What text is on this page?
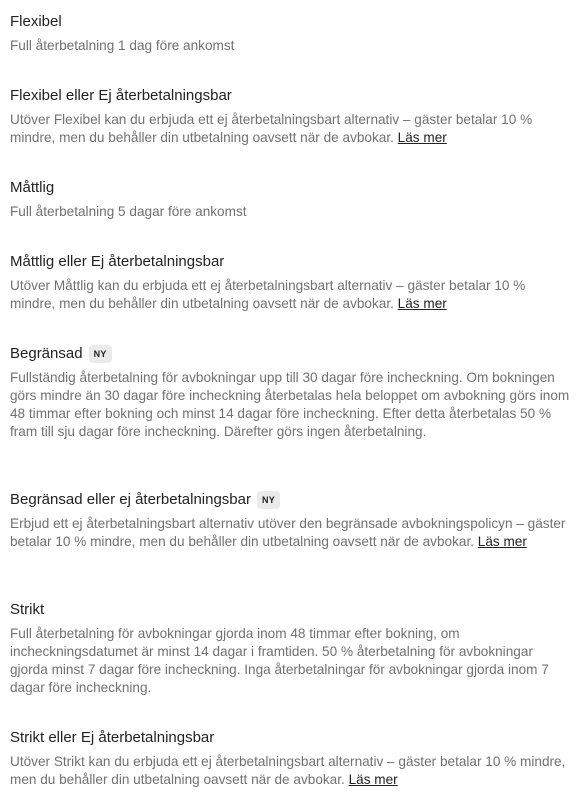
Flexibel

Full återbetalning 1 dag före ankomst

Flexibel eller Ej återbetalningsbar

Utöver Flexibel kan du erbjuda ett ej återbetalningsbart alternativ – gäster betalar 10 % mindre, men du behåller din utbetalning oavsett när de avbokar. Läs mer

Måttlig

Full återbetalning 5 dagar före ankomst

Måttlig eller Ej återbetalningsbar

Utöver Måttlig kan du erbjuda ett ej återbetalningsbart alternativ – gäster betalar 10 % mindre, men du behåller din utbetalning oavsett när de avbokar. Läs mer

Begränsad	NY

Fullständig återbetalning för avbokningar upp till 30 dagar före incheckning. Om bokningen görs mindre än 30 dagar före incheckning återbetalas hela beloppet om avbokning görs inom 48 timmar efter bokning och minst 14 dagar före incheckning. Efter detta återbetalas 50 % fram till sju dagar före incheckning. Därefter görs ingen återbetalning.

Begränsad eller ej återbetalningsbar	NY

Erbjud ett ej återbetalningsbart alternativ utöver den begränsade avbokningspolicyn – gäster betalar 10 % mindre, men du behåller din utbetalning oavsett när de avbokar. Läs mer

Strikt

Full återbetalning för avbokningar gjorda inom 48 timmar efter bokning, om incheckningsdatumet är minst 14 dagar i framtiden. 50 % återbetalning för avbokningar gjorda minst 7 dagar före incheckning. Inga återbetalningar för avbokningar gjorda inom 7 dagar före incheckning.

Strikt eller Ej återbetalningsbar

Utöver Strikt kan du erbjuda ett ej återbetalningsbart alternativ – gäster betalar 10 % mindre, men du behåller din utbetalning oavsett när de avbokar. Läs mer
